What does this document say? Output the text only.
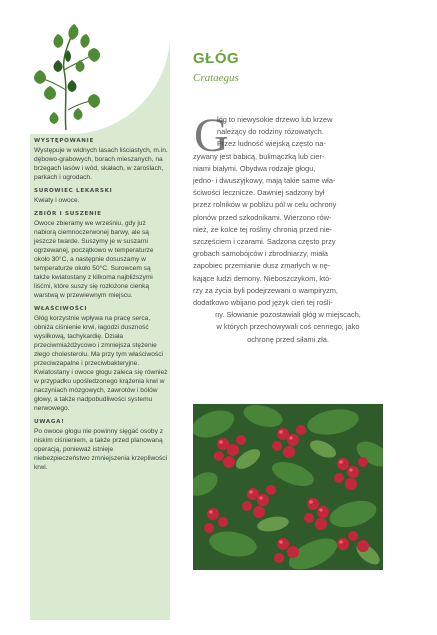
WYSTĘPOWANIE
Występuje w widnych lasach liściastych, m.in. dębowo-grabowych, borach mieszanych, na brzegach lasów i wód, skałach, w zaroślach, parkach i ogrodach.
SUROWIEC LEKARSKI
Kwiaty i owoce.
ZBIÓR I SUSZENIE
Owoce zbieramy we wrześniu, gdy już nabiorą ciemnoczerwonej barwy, ale są jeszcze twarde. Suszymy je w suszarni ogrzewanej, początkowo w temperaturze około 30°C, a następnie dosuszamy w temperaturze około 50°C. Surowcem są także kwiatostany z kilkoma najbliższymi liśćmi, które suszy się rozłożone cienką warstwą w przewiewnym miejscu.
WŁAŚCIWOŚCI
Głóg korzystnie wpływa na pracę serca, obniża ciśnienie krwi, łagodzi duszność wysiłkową, tachykardię. Działa przeciwmiażdżycowo i zmniejsza stężenie złego cholesterolu. Ma przy tym właściwości przeciwzapalne i przeciwbakteryjne. Kwiatostany i owoce głogu zaleca się również w przypadku upośledzonego krążenia krwi w naczyniach mózgowych, zawrotów i bólów głowy, a także nadpobudliwości systemu nerwowego.
UWAGA!
Po owoce głogu nie powinny sięgać osoby z niskim ciśnieniem, a także przed planowaną operacją, ponieważ istnieje niebezpieczeństwo zmniejszenia krzepliwości krwi.
GŁÓG
Crataegus
G
łóg to niewysokie drzewo lub krzew
należący do rodziny różowatych.
Przez ludność wiejską często na-
zywany jest babicą, bulimączką lub cier-
niami białymi. Obydwa rodzaje głogu,
jedno- i dwuszyjkowy, mają takie same wła-
ściwości lecznicze. Dawniej sadzony był
przez rolników w pobliżu pól w celu ochrony
plonów przed szkodnikami. Wierzono rów-
nież, że kolce tej rośliny chronią przed nie-
szczęściem i czarami. Sadzona często przy
grobach samobójców i zbrodniarzy, miała
zapobiec przemianie dusz zmarłych w nę-
kające ludzi demony. Nieboszczykom, któ-
rzy za życia byli podejrzewani o wampiryzm,
dodatkowo wbijano pod język cień tej rośli-
ny. Słowianie pozostawiali głóg w miejscach,
w których przechowywali coś cennego, jako
ochronę przed siłami zła.
